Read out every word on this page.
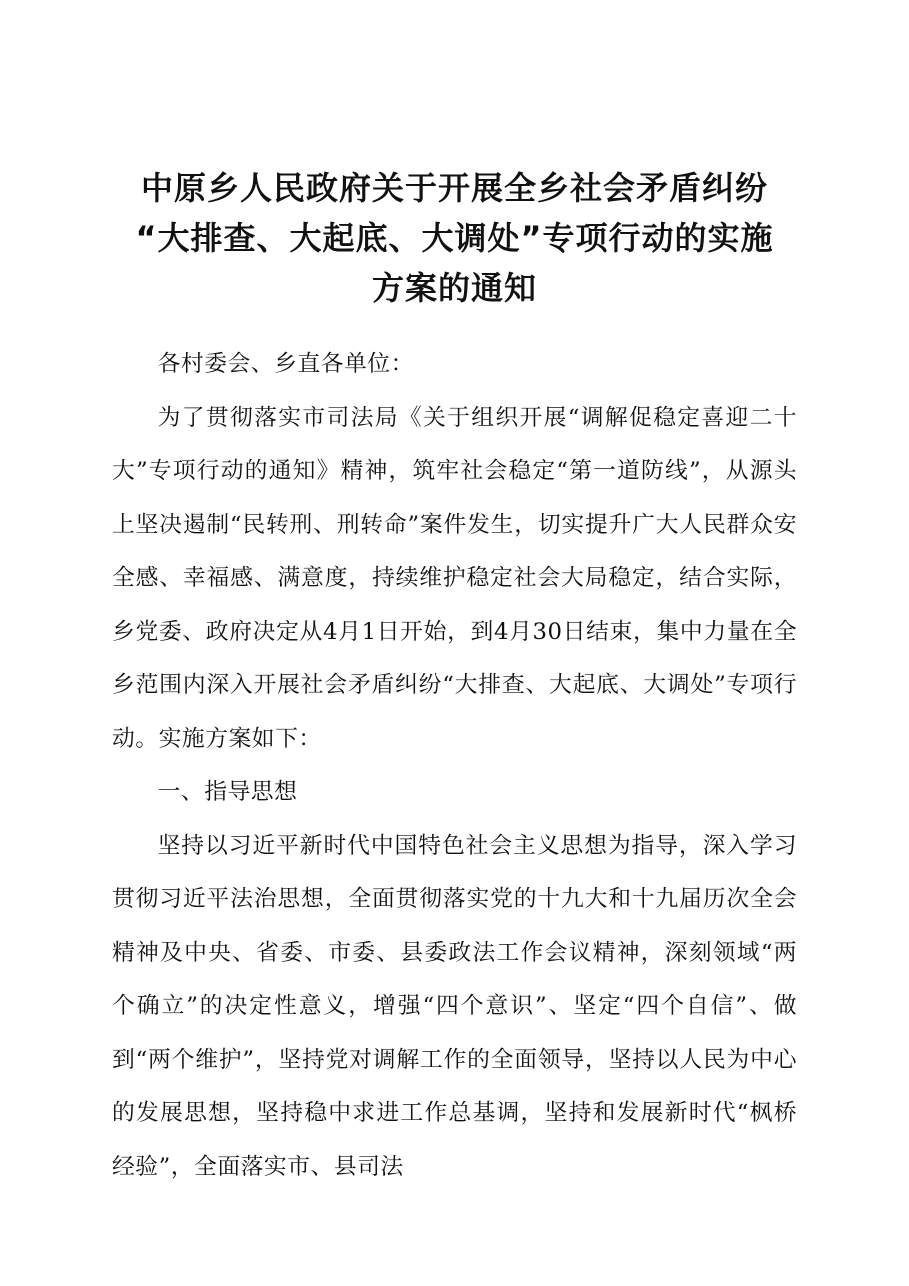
中原乡人民政府关于开展全乡社会矛盾纠纷
“大排查、大起底、大调处”专项行动的实施
方案的通知

各村委会、乡直各单位：

为了贯彻落实市司法局《关于组织开展“调解促稳定喜迎二十大”专项行动的通知》精神，筑牢社会稳定“第一道防线”，从源头上坚决遏制“民转刑、刑转命”案件发生，切实提升广大人民群众安全感、幸福感、满意度，持续维护稳定社会大局稳定，结合实际，乡党委、政府决定从4月1日开始，到4月30日结束，集中力量在全乡范围内深入开展社会矛盾纠纷“大排查、大起底、大调处”专项行动。实施方案如下：

一、指导思想

坚持以习近平新时代中国特色社会主义思想为指导，深入学习贯彻习近平法治思想，全面贯彻落实党的十九大和十九届历次全会精神及中央、省委、市委、县委政法工作会议精神，深刻领域“两个确立”的决定性意义，增强“四个意识”、坚定“四个自信”、做到“两个维护”，坚持党对调解工作的全面领导，坚持以人民为中心的发展思想，坚持稳中求进工作总基调，坚持和发展新时代“枫桥经验”，全面落实市、县司法
